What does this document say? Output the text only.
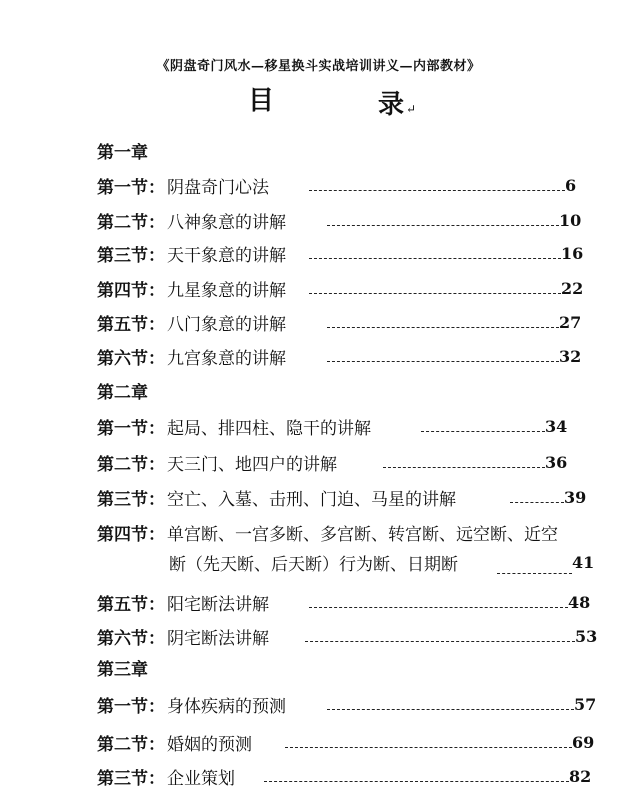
《阴盘奇门风水—移星换斗实战培训讲义—内部教材》
目	录 ↵
第一章
第一节： 阴盘奇门心法	6
第二节： 八神象意的讲解	10
第三节： 天干象意的讲解	16
第四节： 九星象意的讲解	22
第五节： 八门象意的讲解	27
第六节： 九宫象意的讲解	32
第二章
第一节： 起局、排四柱、隐干的讲解	34
第二节： 天三门、地四户的讲解	36
第三节： 空亡、入墓、击刑、门迫、马星的讲解	39
第四节： 单宫断、一宫多断、多宫断、转宫断、远空断、近空
断（先天断、后天断）行为断、日期断	41
第五节： 阳宅断法讲解	48
第六节： 阴宅断法讲解	53
第三章
第一节： 身体疾病的预测	57
第二节： 婚姻的预测	69
第三节： 企业策划	82
